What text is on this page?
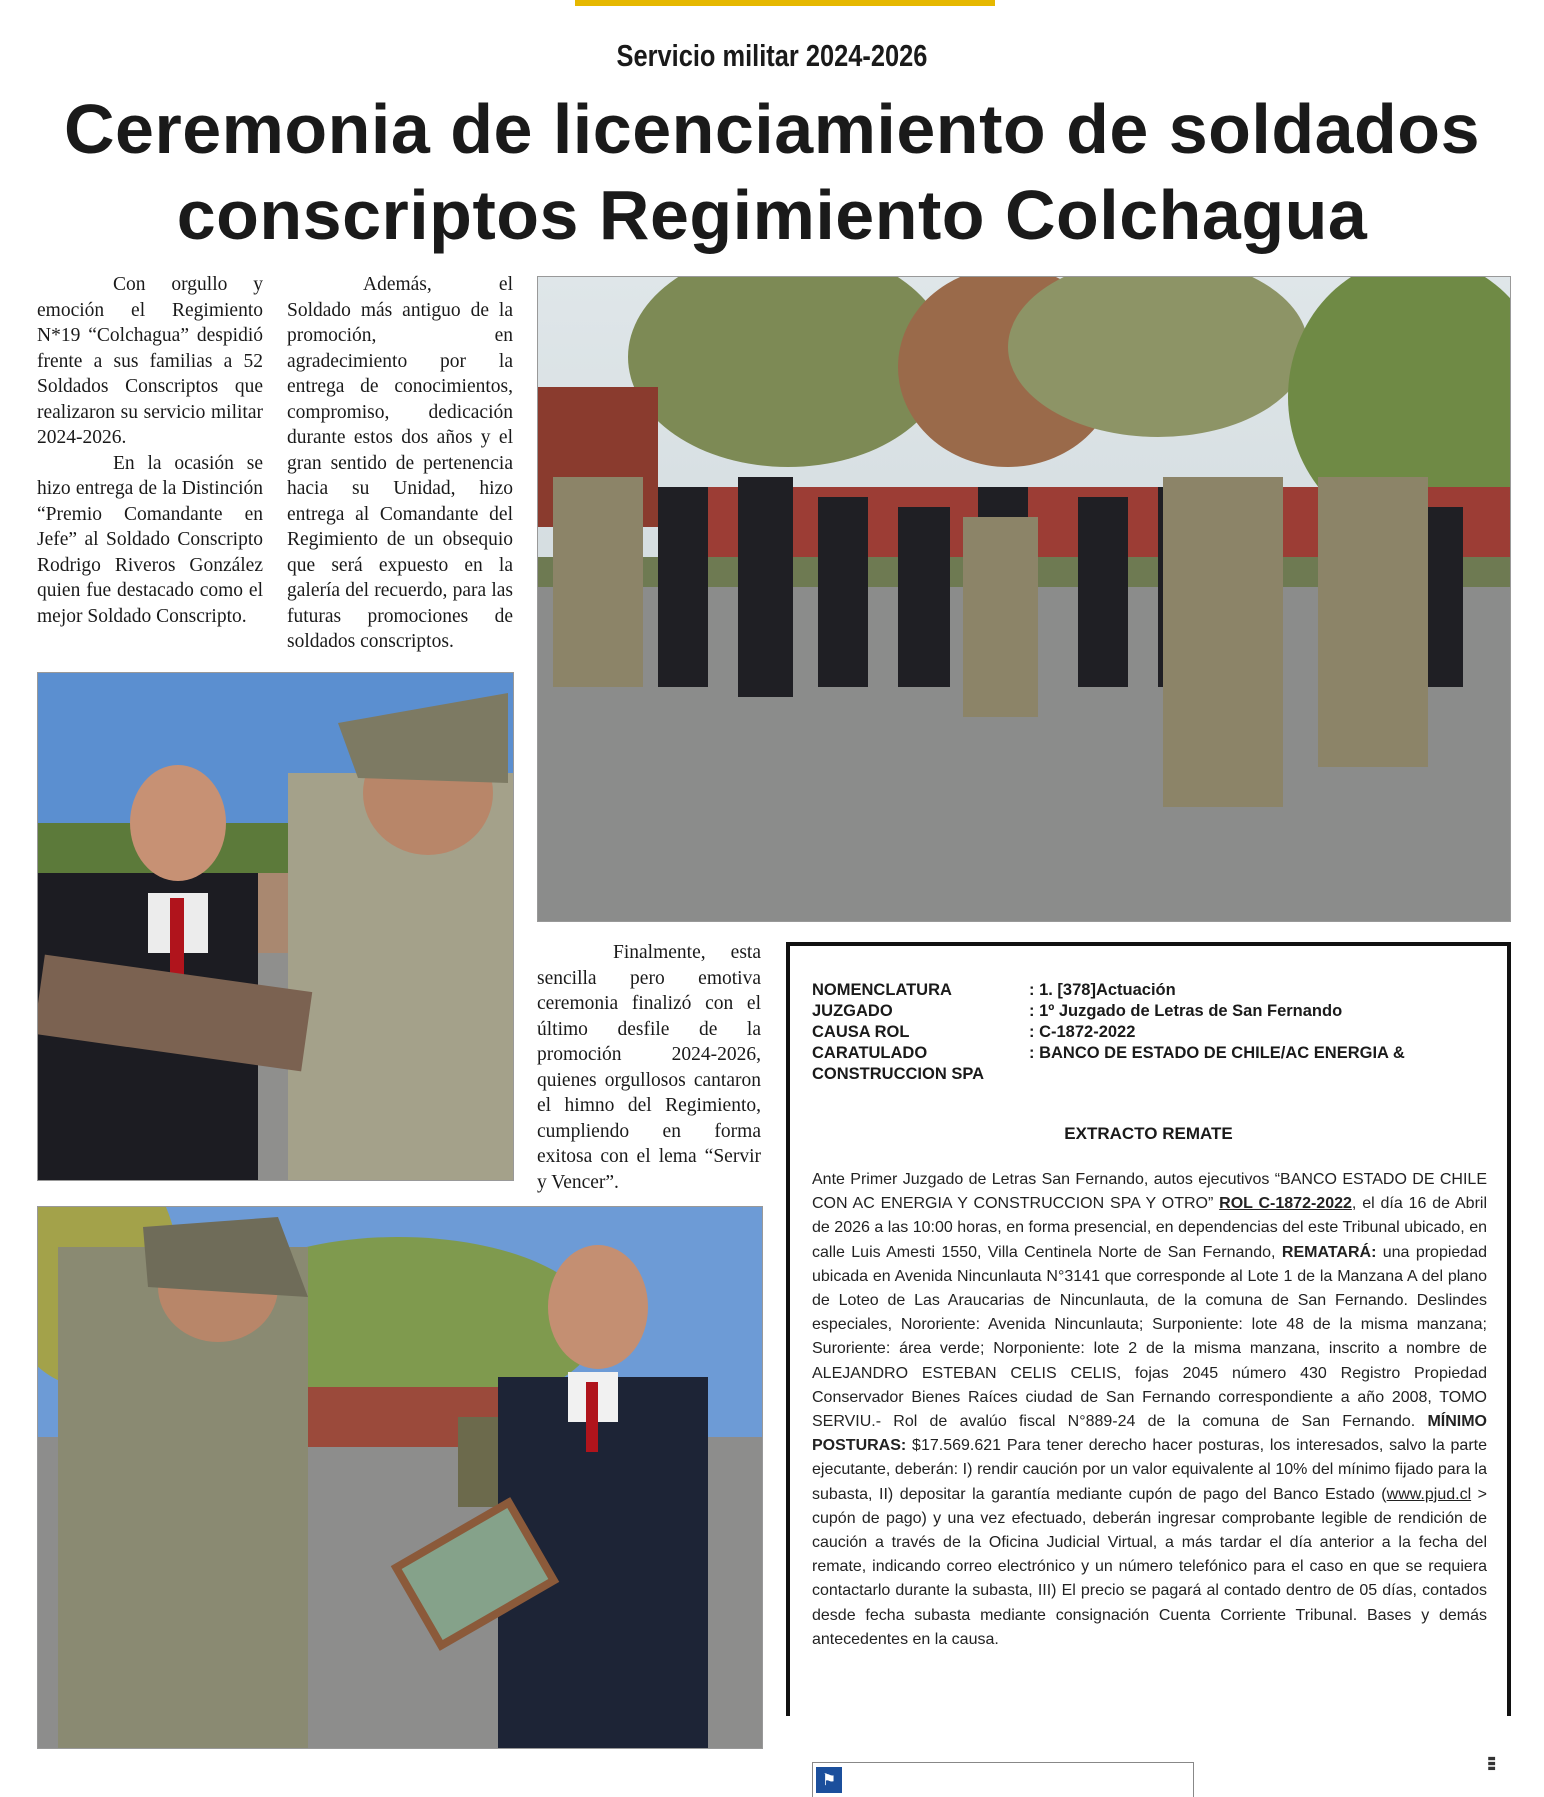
Servicio militar 2024-2026
Ceremonia de licenciamiento de soldados
conscriptos Regimiento Colchagua

Con orgullo y emoción el Regimiento N*19 “Colchagua” despidió frente a sus familias a 52 Soldados Conscriptos que realizaron su servicio militar 2024-2026.

En la ocasión se hizo entrega de la Distinción “Premio Comandante en Jefe” al Soldado Conscripto Rodrigo Riveros González quien fue destacado como el mejor Soldado Conscripto.

Además, el Soldado más antiguo de la promoción, en agradecimiento por la entrega de conocimientos, compromiso, dedicación durante estos dos años y el gran sentido de pertenencia hacia su Unidad, hizo entrega al Comandante del Regimiento de un obsequio que será expuesto en la galería del recuerdo, para las futuras promociones de soldados conscriptos.

Finalmente, esta sencilla pero emotiva ceremonia finalizó con el último desfile de la promoción 2024-2026, quienes orgullosos cantaron el himno del Regimiento, cumpliendo en forma exitosa con el lema “Servir y Vencer”.

NOMENCLATURA	: 1. [378]Actuación
JUZGADO	: 1º Juzgado de Letras de San Fernando
CAUSA ROL	: C-1872-2022
CARATULADO	: BANCO DE ESTADO DE CHILE/AC ENERGIA &
CONSTRUCCION SPA
EXTRACTO REMATE
Ante Primer Juzgado de Letras San Fernando, autos ejecutivos “BANCO ESTADO DE CHILE CON AC ENERGIA Y CONSTRUCCION SPA Y OTRO” ROL C-1872-2022, el día 16 de Abril de 2026 a las 10:00 horas, en forma presencial, en dependencias del este Tribunal ubicado, en calle Luis Amesti 1550, Villa Centinela Norte de San Fernando, REMATARÁ: una propiedad ubicada en Avenida Nincunlauta N°3141 que corresponde al Lote 1 de la Manzana A del plano de Loteo de Las Araucarias de Nincunlauta, de la comuna de San Fernando. Deslindes especiales, Nororiente: Avenida Nincunlauta; Surponiente: lote 48 de la misma manzana; Suroriente: área verde; Norponiente: lote 2 de la misma manzana, inscrito a nombre de ALEJANDRO ESTEBAN CELIS CELIS, fojas 2045 número 430 Registro Propiedad Conservador Bienes Raíces ciudad de San Fernando correspondiente a año 2008, TOMO SERVIU.- Rol de avalúo fiscal N°889-24 de la comuna de San Fernando. MÍNIMO POSTURAS: $17.569.621 Para tener derecho hacer posturas, los interesados, salvo la parte ejecutante, deberán: I) rendir caución por un valor equivalente al 10% del mínimo fijado para la subasta, II) depositar la garantía mediante cupón de pago del Banco Estado (www.pjud.cl > cupón de pago) y una vez efectuado, deberán ingresar comprobante legible de rendición de caución a través de la Oficina Judicial Virtual, a más tardar el día anterior a la fecha del remate, indicando correo electrónico y un número telefónico para el caso en que se requiera contactarlo durante la subasta, III) El precio se pagará al contado dentro de 05 días, contados desde fecha subasta mediante consignación Cuenta Corriente Tribunal. Bases y demás antecedentes en la causa.
⚑
▮▮▮
